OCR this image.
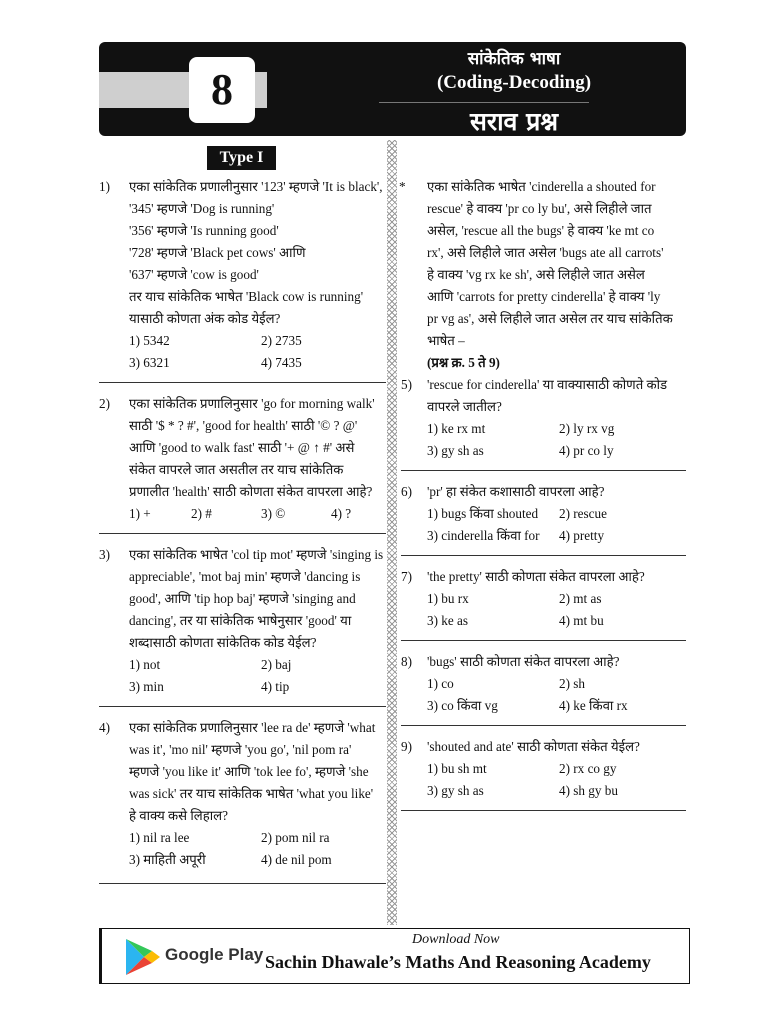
8
सांकेतिक भाषा
(Coding-Decoding)
सराव प्रश्न
Type I
1) एका सांकेतिक प्रणालीनुसार '123' म्हणजे 'It is black',

'345' म्हणजे 'Dog is running'

'356' म्हणजे 'Is running good'

'728' म्हणजे 'Black pet cows' आणि

'637' म्हणजे 'cow is good'

तर याच सांकेतिक भाषेत 'Black cow is running'

यासाठी कोणता अंक कोड येईल?

1) 5342	2) 2735
3) 6321	4) 7435
2) एका सांकेतिक प्रणालिनुसार 'go for morning walk'

साठी '$ * ? #', 'good for health' साठी '© ? @'

आणि 'good to walk fast' साठी '+ @ ↑ #' असे

संकेत वापरले जात असतील तर याच सांकेतिक

प्रणालीत 'health' साठी कोणता संकेत वापरला आहे?

1) +	2) #	3) ©	4) ?
3) एका सांकेतिक भाषेत 'col tip mot' म्हणजे 'singing is

appreciable', 'mot baj min' म्हणजे 'dancing is

good', आणि 'tip hop baj' म्हणजे 'singing and

dancing', तर या सांकेतिक भाषेनुसार 'good' या

शब्दासाठी कोणता सांकेतिक कोड येईल?

1) not	2) baj
3) min	4) tip
4) एका सांकेतिक प्रणालिनुसार 'lee ra de' म्हणजे 'what

was it', 'mo nil' म्हणजे 'you go', 'nil pom ra'

म्हणजे 'you like it' आणि 'tok lee fo', म्हणजे 'she

was sick' तर याच सांकेतिक भाषेत 'what you like'

हे वाक्य कसे लिहाल?

1) nil ra lee	2) pom nil ra
3) माहिती अपूरी	4) de nil pom
* एका सांकेतिक भाषेत 'cinderella a shouted for

rescue' हे वाक्य 'pr co ly bu', असे लिहीले जात

असेल, 'rescue all the bugs' हे वाक्य 'ke mt co

rx', असे लिहीले जात असेल 'bugs ate all carrots'

हे वाक्य 'vg rx ke sh', असे लिहीले जात असेल

आणि 'carrots for pretty cinderella' हे वाक्य 'ly

pr vg as', असे लिहीले जात असेल तर याच सांकेतिक

भाषेत –

(प्रश्न क्र. 5 ते 9)

5) 'rescue for cinderella' या वाक्यासाठी कोणते कोड

वापरले जातील?

1) ke rx mt	2) ly rx vg
3) gy sh as	4) pr co ly
6) 'pr' हा संकेत कशासाठी वापरला आहे?

1) bugs किंवा shouted	2) rescue
3) cinderella किंवा for	4) pretty
7) 'the pretty' साठी कोणता संकेत वापरला आहे?

1) bu rx	2) mt as
3) ke as	4) mt bu
8) 'bugs' साठी कोणता संकेत वापरला आहे?

1) co	2) sh
3) co किंवा vg	4) ke किंवा rx
9) 'shouted and ate' साठी कोणता संकेत येईल?

1) bu sh mt	2) rx co gy
3) gy sh as	4) sh gy bu
Google Play
Download Now
Sachin Dhawale’s Maths And Reasoning Academy
